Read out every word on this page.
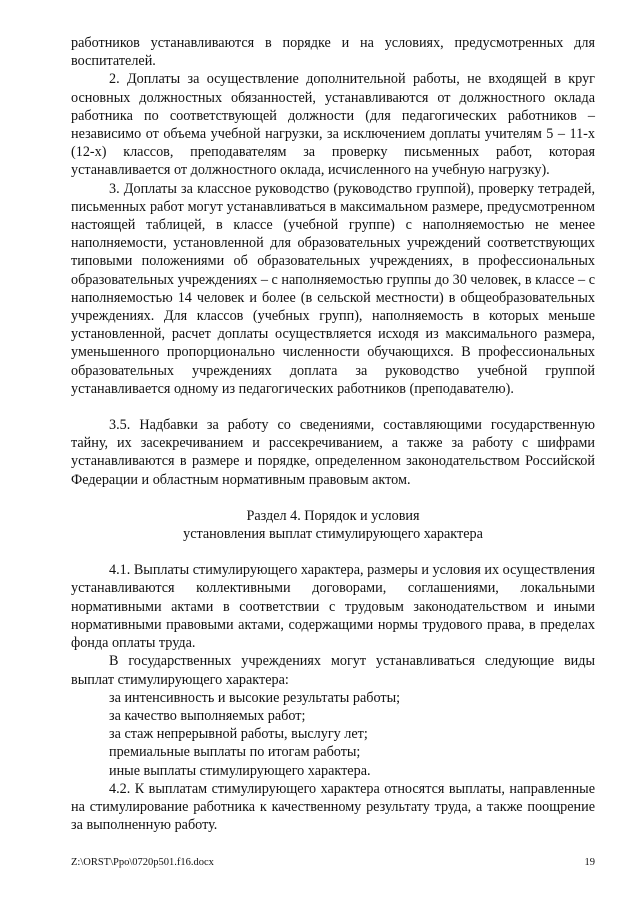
работников устанавливаются в порядке и на условиях, предусмотренных для воспитателей.

2. Доплаты за осуществление дополнительной работы, не входящей в круг основных должностных обязанностей, устанавливаются от должностного оклада работника по соответствующей должности (для педагогических работников – независимо от объема учебной нагрузки, за исключением доплаты учителям 5 – 11-х (12-х) классов, преподавателям за проверку письменных работ, которая устанавливается от должностного оклада, исчисленного на учебную нагрузку).

3. Доплаты за классное руководство (руководство группой), проверку тетрадей, письменных работ могут устанавливаться в максимальном размере, предусмотренном настоящей таблицей, в классе (учебной группе) с наполняемостью не менее наполняемости, установленной для образовательных учреждений соответствующих типовыми положениями об образовательных учреждениях, в профессиональных образовательных учреждениях – с наполняемостью группы до 30 человек, в классе – с наполняемостью 14 человек и более (в сельской местности) в общеобразовательных учреждениях. Для классов (учебных групп), наполняемость в которых меньше установленной, расчет доплаты осуществляется исходя из максимального размера, уменьшенного пропорционально численности обучающихся. В профессиональных образовательных учреждениях доплата за руководство учебной группой устанавливается одному из педагогических работников (преподавателю).

3.5. Надбавки за работу со сведениями, составляющими государственную тайну, их засекречиванием и рассекречиванием, а также за работу с шифрами устанавливаются в размере и порядке, определенном законодательством Российской Федерации и областным нормативным правовым актом.

Раздел 4. Порядок и условия

установления выплат стимулирующего характера

4.1. Выплаты стимулирующего характера, размеры и условия их осуществления устанавливаются коллективными договорами, соглашениями, локальными нормативными актами в соответствии с трудовым законодательством и иными нормативными правовыми актами, содержащими нормы трудового права, в пределах фонда оплаты труда.

В государственных учреждениях могут устанавливаться следующие виды выплат стимулирующего характера:

за интенсивность и высокие результаты работы;

за качество выполняемых работ;

за стаж непрерывной работы, выслугу лет;

премиальные выплаты по итогам работы;

иные выплаты стимулирующего характера.

4.2. К выплатам стимулирующего характера относятся выплаты, направленные на стимулирование работника к качественному результату труда, а также поощрение за выполненную работу.

Z:\ORST\Ppo\0720p501.f16.docx	19
